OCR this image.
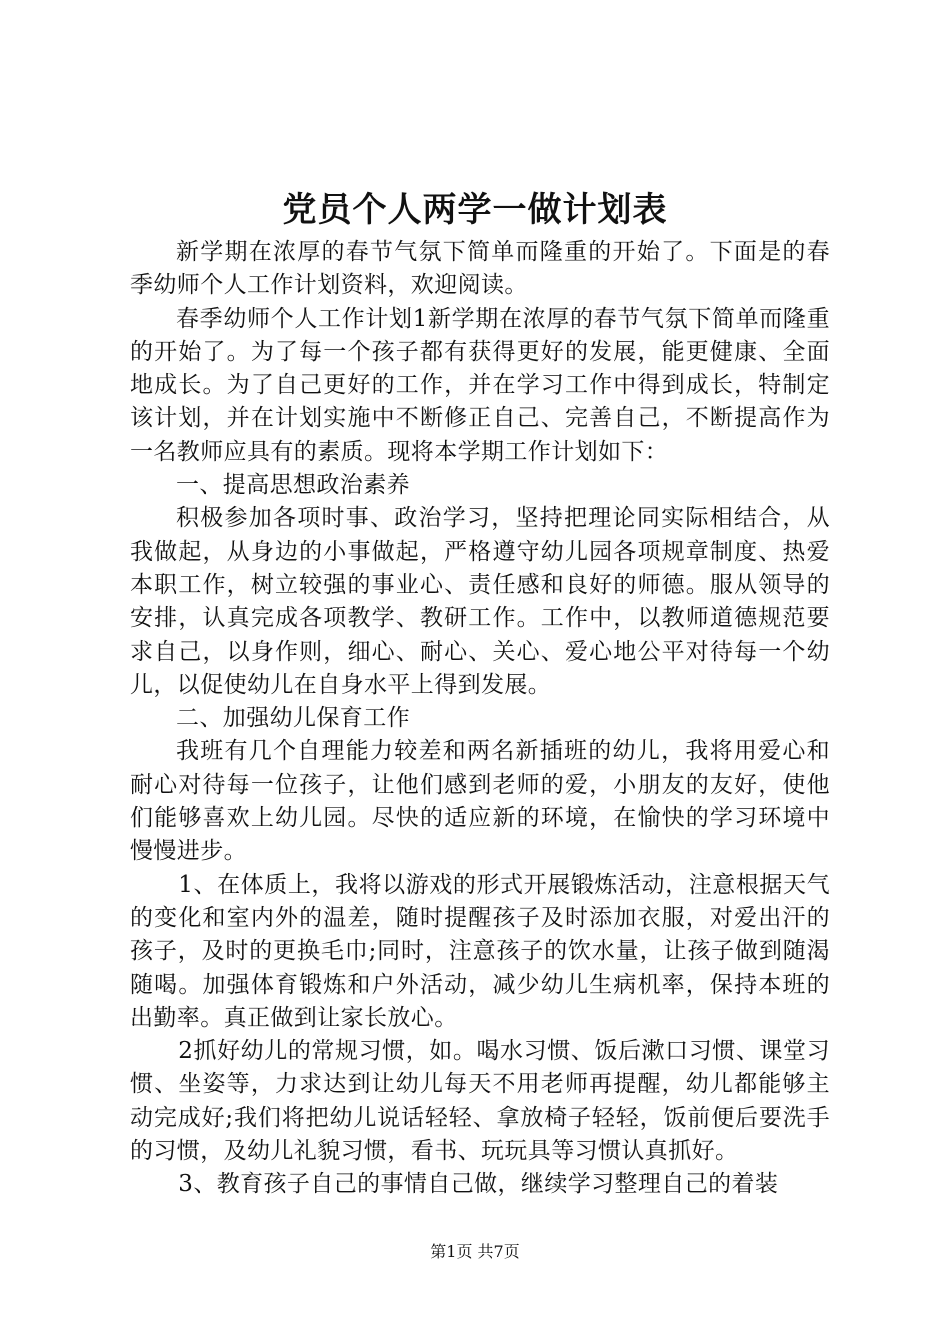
党员个人两学一做计划表

新学期在浓厚的春节气氛下简单而隆重的开始了。下面是的春季幼师个人工作计划资料，欢迎阅读。

春季幼师个人工作计划1新学期在浓厚的春节气氛下简单而隆重的开始了。为了每一个孩子都有获得更好的发展，能更健康、全面地成长。为了自己更好的工作，并在学习工作中得到成长，特制定该计划，并在计划实施中不断修正自己、完善自己，不断提高作为一名教师应具有的素质。现将本学期工作计划如下：

一、提高思想政治素养

积极参加各项时事、政治学习，坚持把理论同实际相结合，从我做起，从身边的小事做起，严格遵守幼儿园各项规章制度、热爱本职工作，树立较强的事业心、责任感和良好的师德。服从领导的安排，认真完成各项教学、教研工作。工作中，以教师道德规范要求自己，以身作则，细心、耐心、关心、爱心地公平对待每一个幼儿，以促使幼儿在自身水平上得到发展。

二、加强幼儿保育工作

我班有几个自理能力较差和两名新插班的幼儿，我将用爱心和耐心对待每一位孩子，让他们感到老师的爱，小朋友的友好，使他们能够喜欢上幼儿园。尽快的适应新的环境，在愉快的学习环境中慢慢进步。

1、在体质上，我将以游戏的形式开展锻炼活动，注意根据天气的变化和室内外的温差，随时提醒孩子及时添加衣服，对爱出汗的孩子，及时的更换毛巾;同时，注意孩子的饮水量，让孩子做到随渴随喝。加强体育锻炼和户外活动，减少幼儿生病机率，保持本班的出勤率。真正做到让家长放心。

2抓好幼儿的常规习惯，如。喝水习惯、饭后漱口习惯、课堂习惯、坐姿等，力求达到让幼儿每天不用老师再提醒，幼儿都能够主动完成好;我们将把幼儿说话轻轻、拿放椅子轻轻，饭前便后要洗手的习惯，及幼儿礼貌习惯，看书、玩玩具等习惯认真抓好。

3、教育孩子自己的事情自己做，继续学习整理自己的着装

第1页 共7页
